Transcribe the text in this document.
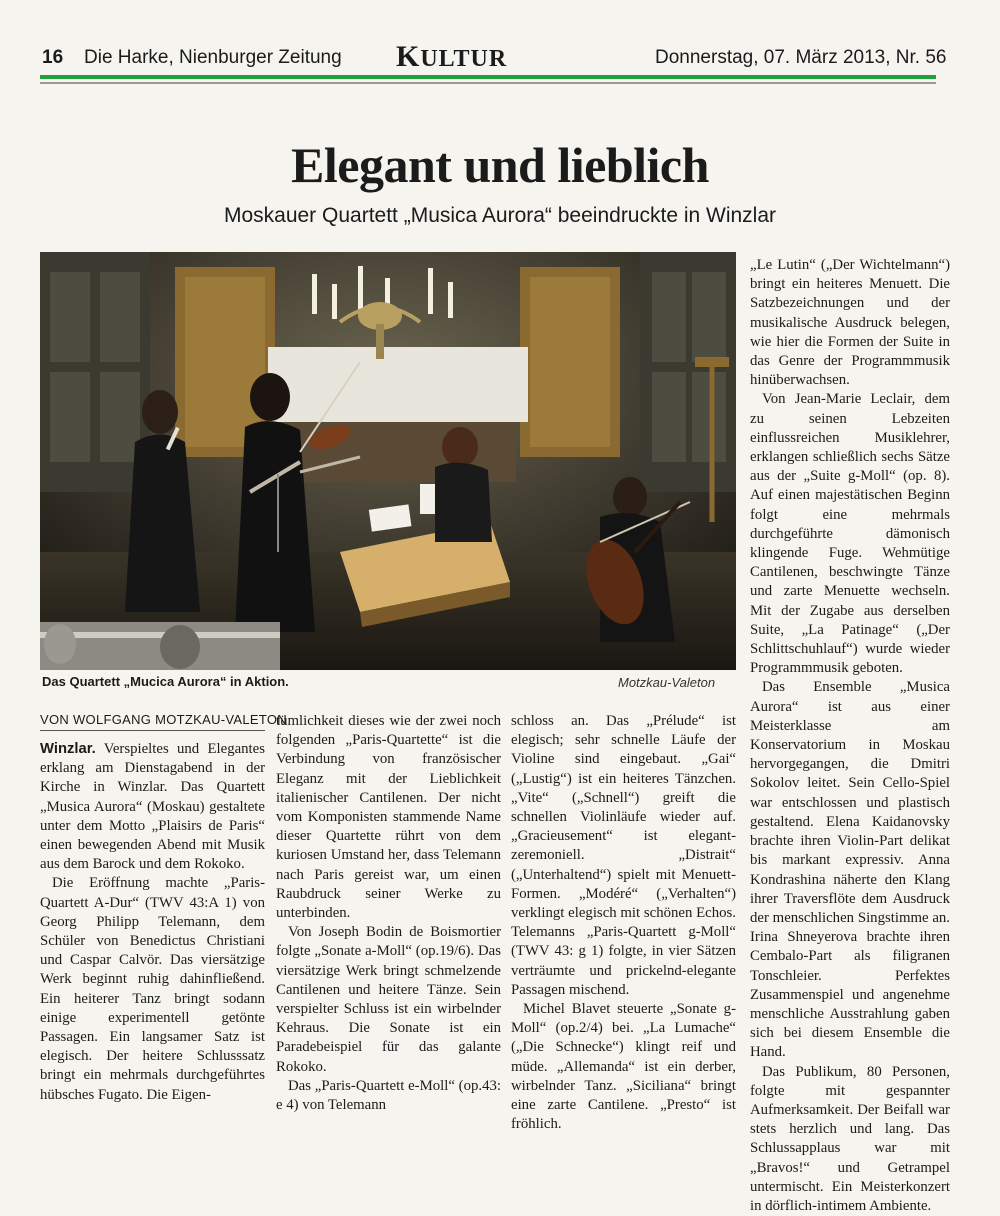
16 Die Harke, Nienburger Zeitung KULTUR	Donnerstag, 07. März 2013, Nr. 56
Elegant und lieblich
Moskauer Quartett „Musica Aurora“ beeindruckte in Winzlar
Das Quartett „Mucica Aurora“ in Aktion.	Motzkau-Valeton
VON WOLFGANG MOTZKAU-VALETON

Winzlar. Verspieltes und Elegantes erklang am Dienstagabend in der Kirche in Winzlar. Das Quartett „Musica Aurora“ (Moskau) gestaltete unter dem Motto „Plaisirs de Paris“ einen bewegenden Abend mit Musik aus dem Barock und dem Rokoko.

Die Eröffnung machte „Paris-Quartett A-Dur“ (TWV 43:A 1) von Georg Philipp Telemann, dem Schüler von Benedictus Christiani und Caspar Calvör. Das viersätzige Werk beginnt ruhig dahinfließend. Ein heiterer Tanz bringt sodann einige experimentell getönte Passagen. Ein langsamer Satz ist elegisch. Der heitere Schlusssatz bringt ein mehrmals durchgeführtes hübsches Fugato. Die Eigen-

tümlichkeit dieses wie der zwei noch folgenden „Paris-Quartette“ ist die Verbindung von französischer Eleganz mit der Lieblichkeit italienischer Cantilenen. Der nicht vom Komponisten stammende Name dieser Quartette rührt von dem kuriosen Umstand her, dass Telemann nach Paris gereist war, um einen Raubdruck seiner Werke zu unterbinden.

Von Joseph Bodin de Boismortier folgte „Sonate a-Moll“ (op.19/6). Das viersätzige Werk bringt schmelzende Cantilenen und heitere Tänze. Sein verspielter Schluss ist ein wirbelnder Kehraus. Die Sonate ist ein Paradebeispiel für das galante Rokoko.

Das „Paris-Quartett e-Moll“ (op.43: e 4) von Telemann

schloss an. Das „Prélude“ ist elegisch; sehr schnelle Läufe der Violine sind eingebaut. „Gai“ („Lustig“) ist ein heiteres Tänzchen. „Vite“ („Schnell“) greift die schnellen Violinläufe wieder auf. „Gracieusement“ ist elegant-zeremoniell. „Distrait“ („Unterhaltend“) spielt mit Menuett-Formen. „Modéré“ („Verhalten“) verklingt elegisch mit schönen Echos. Telemanns „Paris-Quartett g-Moll“ (TWV 43: g 1) folgte, in vier Sätzen verträumte und prickelnd-elegante Passagen mischend.

Michel Blavet steuerte „Sonate g-Moll“ (op.2/4) bei. „La Lumache“ („Die Schnecke“) klingt reif und müde. „Allemanda“ ist ein derber, wirbelnder Tanz. „Siciliana“ bringt eine zarte Cantilene. „Presto“ ist fröhlich.

„Le Lutin“ („Der Wichtelmann“) bringt ein heiteres Menuett. Die Satzbezeichnungen und der musikalische Ausdruck belegen, wie hier die Formen der Suite in das Genre der Programmmusik hinüberwachsen.

Von Jean-Marie Leclair, dem zu seinen Lebzeiten einflussreichen Musiklehrer, erklangen schließlich sechs Sätze aus der „Suite g-Moll“ (op. 8). Auf einen majestätischen Beginn folgt eine mehrmals durchgeführte dämonisch klingende Fuge. Wehmütige Cantilenen, beschwingte Tänze und zarte Menuette wechseln. Mit der Zugabe aus derselben Suite, „La Patinage“ („Der Schlittschuhlauf“) wurde wieder Programmmusik geboten.

Das Ensemble „Musica Aurora“ ist aus einer Meisterklasse am Konservatorium in Moskau hervorgegangen, die Dmitri Sokolov leitet. Sein Cello-Spiel war entschlossen und plastisch gestaltend. Elena Kaidanovsky brachte ihren Violin-Part delikat bis markant expressiv. Anna Kondrashina näherte den Klang ihrer Traversflöte dem Ausdruck der menschlichen Singstimme an. Irina Shneyerova brachte ihren Cembalo-Part als filigranen Tonschleier. Perfektes Zusammenspiel und angenehme menschliche Ausstrahlung gaben sich bei diesem Ensemble die Hand.

Das Publikum, 80 Personen, folgte mit gespannter Aufmerksamkeit. Der Beifall war stets herzlich und lang. Das Schlussapplaus war mit „Bravos!“ und Getrampel untermischt. Ein Meisterkonzert in dörflich-intimem Ambiente.
